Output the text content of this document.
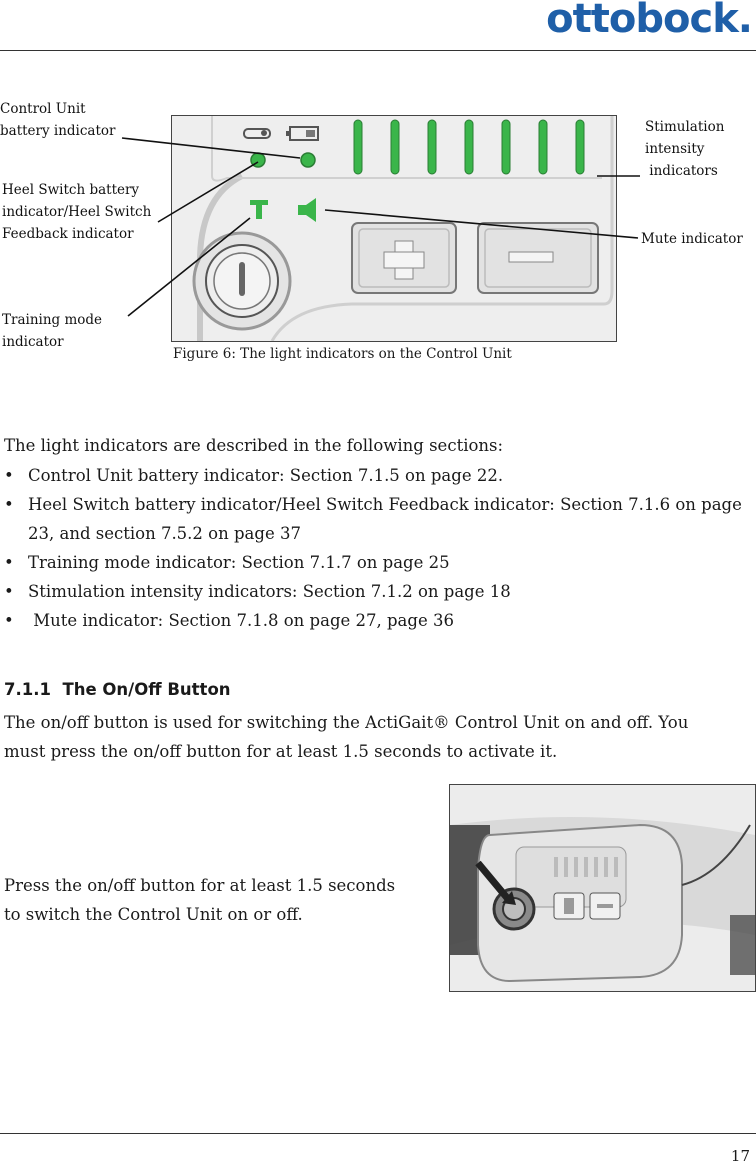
ottobock.
Control Unit
battery indicator
Heel Switch battery
indicator/Heel Switch
Feedback indicator
Training mode
indicator
Stimulation
intensity
indicators
Mute indicator
Figure 6: The light indicators on the Control Unit
The light indicators are described in the following sections:
• Control Unit battery indicator: Section 7.1.5 on page 22.
• Heel Switch battery indicator/Heel Switch Feedback indicator: Section 7.1.6 on page 23, and section 7.5.2 on page 37
• Training mode indicator: Section 7.1.7 on page 25
• Stimulation intensity indicators: Section 7.1.2 on page 18
• Mute indicator: Section 7.1.8 on page 27, page 36
7.1.1  The On/Off Button
The on/off button is used for switching the ActiGait® Control Unit on and off. You
must press the on/off button for at least 1.5 seconds to activate it.
Press the on/off button for at least 1.5 seconds
to switch the Control Unit on or off.
17
